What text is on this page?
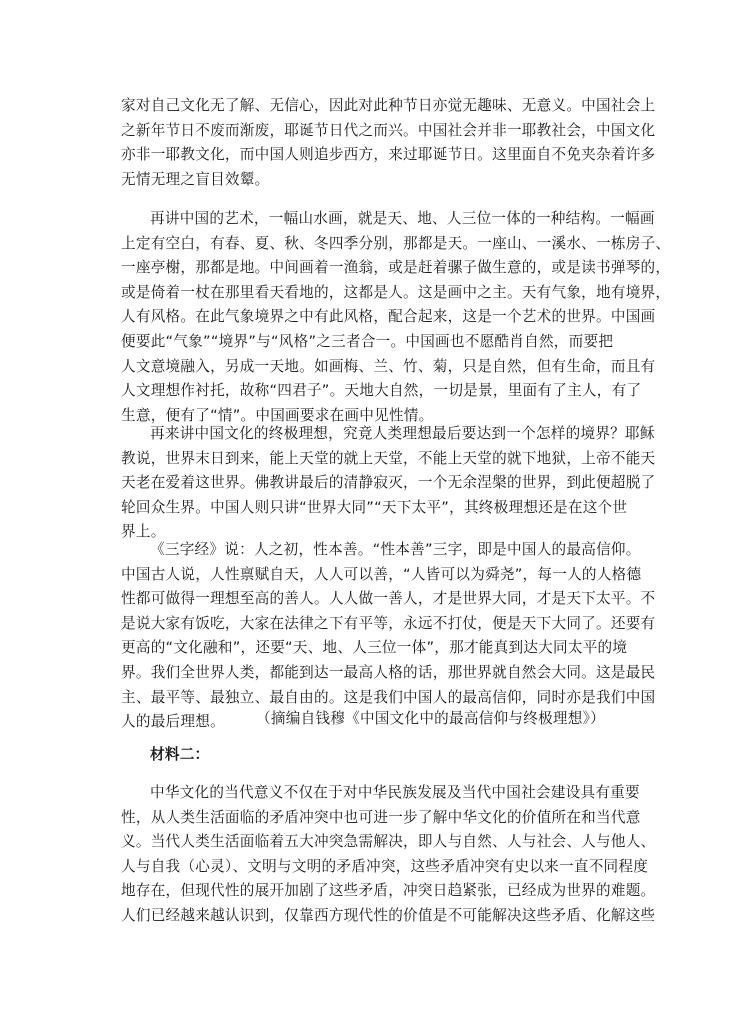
家对自己文化无了解、无信心，因此对此种节日亦觉无趣味、无意义。中国社会上
之新年节日不废而渐废，耶诞节日代之而兴。中国社会并非一耶教社会，中国文化
亦非一耶教文化，而中国人则追步西方，来过耶诞节日。这里面自不免夹杂着许多
无情无理之盲目效颦。
再讲中国的艺术，一幅山水画，就是天、地、人三位一体的一种结构。一幅画
上定有空白，有春、夏、秋、冬四季分别，那都是天。一座山、一溪水、一栋房子、
一座亭榭，那都是地。中间画着一渔翁，或是赶着骡子做生意的，或是读书弹琴的，
或是倚着一杖在那里看天看地的，这都是人。这是画中之主。天有气象，地有境界，
人有风格。在此气象境界之中有此风格，配合起来，这是一个艺术的世界。中国画
便要此“气象”“境界”与“风格”之三者合一。中国画也不愿酷肖自然，而要把
人文意境融入，另成一天地。如画梅、兰、竹、菊，只是自然，但有生命，而且有
人文理想作衬托，故称“四君子”。天地大自然，一切是景，里面有了主人，有了
生意，便有了“情”。中国画要求在画中见性情。
再来讲中国文化的终极理想，究竟人类理想最后要达到一个怎样的境界？耶稣
教说，世界末日到来，能上天堂的就上天堂，不能上天堂的就下地狱，上帝不能天
天老在爱着这世界。佛教讲最后的清静寂灭，一个无余涅槃的世界，到此便超脱了
轮回众生界。中国人则只讲“世界大同”“天下太平”，其终极理想还是在这个世
界上。
《三字经》说：人之初，性本善。“性本善”三字，即是中国人的最高信仰。
中国古人说，人性禀赋自天，人人可以善，“人皆可以为舜尧”，每一人的人格德
性都可做得一理想至高的善人。人人做一善人，才是世界大同，才是天下太平。不
是说大家有饭吃，大家在法律之下有平等，永远不打仗，便是天下大同了。还要有
更高的“文化融和”，还要“天、地、人三位一体”，那才能真到达大同太平的境
界。我们全世界人类，都能到达一最高人格的话，那世界就自然会大同。这是最民
主、最平等、最独立、最自由的。这是我们中国人的最高信仰，同时亦是我们中国
人的最后理想。	（摘编自钱穆《中国文化中的最高信仰与终极理想》）
材料二：
中华文化的当代意义不仅在于对中华民族发展及当代中国社会建设具有重要
性，从人类生活面临的矛盾冲突中也可进一步了解中华文化的价值所在和当代意
义。当代人类生活面临着五大冲突急需解决，即人与自然、人与社会、人与他人、
人与自我（心灵）、文明与文明的矛盾冲突，这些矛盾冲突有史以来一直不同程度
地存在，但现代性的展开加剧了这些矛盾，冲突日趋紧张，已经成为世界的难题。
人们已经越来越认识到，仅靠西方现代性的价值是不可能解决这些矛盾、化解这些
